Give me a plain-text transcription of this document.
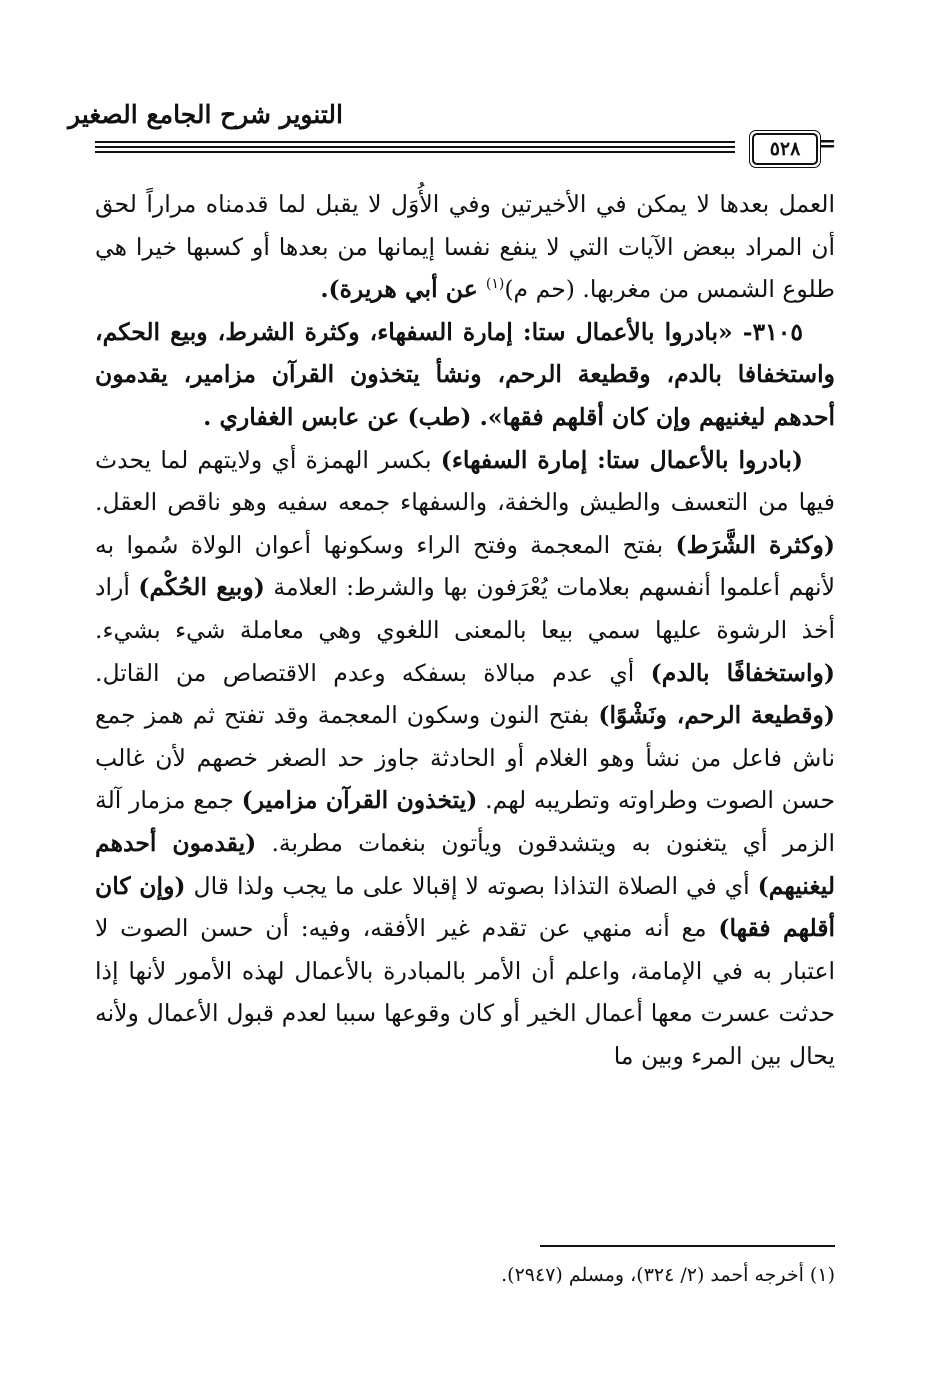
التنوير شرح الجامع الصغير
=
٥٢٨

العمل بعدها لا يمكن في الأخيرتين وفي الأُوَل لا يقبل لما قدمناه مراراً لحق أن المراد ببعض الآيات التي لا ينفع نفسا إيمانها من بعدها أو كسبها خيرا هي طلوع الشمس من مغربها. (حم م)$^{(١)}$ عن أبي هريرة).

٣١٠٥- «بادروا بالأعمال ستا: إمارة السفهاء، وكثرة الشرط، وبيع الحكم، واستخفافا بالدم، وقطيعة الرحم، ونشأ يتخذون القرآن مزامير، يقدمون أحدهم ليغنيهم وإن كان أقلهم فقها». (طب) عن عابس الغفاري .

(بادروا بالأعمال ستا: إمارة السفهاء) بكسر الهمزة أي ولايتهم لما يحدث فيها من التعسف والطيش والخفة، والسفهاء جمعه سفيه وهو ناقص العقل. (وكثرة الشَّرَط) بفتح المعجمة وفتح الراء وسكونها أعوان الولاة سُموا به لأنهم أعلموا أنفسهم بعلامات يُعْرَفون بها والشرط: العلامة (وبيع الحُكْم) أراد أخذ الرشوة عليها سمي بيعا بالمعنى اللغوي وهي معاملة شيء بشيء. (واستخفافًا بالدم) أي عدم مبالاة بسفكه وعدم الاقتصاص من القاتل. (وقطيعة الرحم، ونَشْوًا) بفتح النون وسكون المعجمة وقد تفتح ثم همز جمع ناش فاعل من نشأ وهو الغلام أو الحادثة جاوز حد الصغر خصهم لأن غالب حسن الصوت وطراوته وتطريبه لهم. (يتخذون القرآن مزامير) جمع مزمار آلة الزمر أي يتغنون به ويتشدقون ويأتون بنغمات مطربة. (يقدمون أحدهم ليغنيهم) أي في الصلاة التذاذا بصوته لا إقبالا على ما يجب ولذا قال (وإن كان أقلهم فقها) مع أنه منهي عن تقدم غير الأفقه، وفيه: أن حسن الصوت لا اعتبار به في الإمامة، واعلم أن الأمر بالمبادرة بالأعمال لهذه الأمور لأنها إذا حدثت عسرت معها أعمال الخير أو كان وقوعها سببا لعدم قبول الأعمال ولأنه يحال بين المرء وبين ما

(١) أخرجه أحمد (٢/ ٣٢٤)، ومسلم (٢٩٤٧).
